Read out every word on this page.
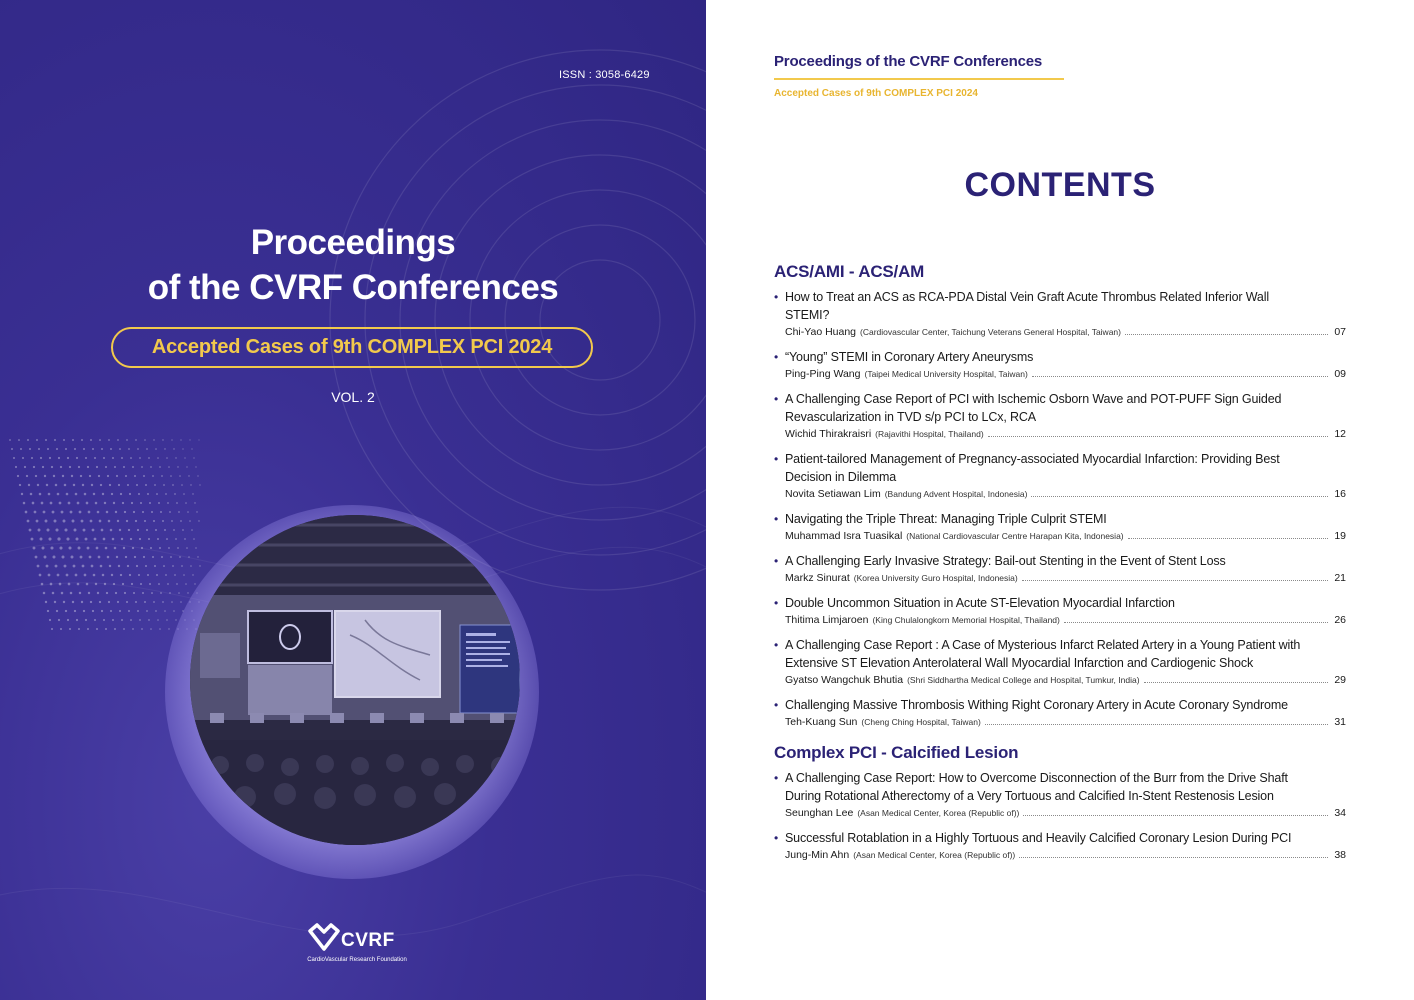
ISSN : 3058-6429
Proceedings
of the CVRF Conferences
Accepted Cases of 9th COMPLEX PCI 2024
VOL. 2
CVRF
CardioVascular Research Foundation
Proceedings of the CVRF Conferences
Accepted Cases of 9th COMPLEX PCI 2024
CONTENTS
ACS/AMI - ACS/AM
• How to Treat an ACS as RCA-PDA Distal Vein Graft Acute Thrombus Related Inferior Wall STEMI?
Chi-Yao Huang (Cardiovascular Center, Taichung Veterans General Hospital, Taiwan)	07
• “Young” STEMI in Coronary Artery Aneurysms
Ping-Ping Wang (Taipei Medical University Hospital, Taiwan)	09
• A Challenging Case Report of PCI with Ischemic Osborn Wave and POT-PUFF Sign Guided Revascularization in TVD s/p PCI to LCx, RCA
Wichid Thirakraisri (Rajavithi Hospital, Thailand)	12
• Patient-tailored Management of Pregnancy-associated Myocardial Infarction: Providing Best Decision in Dilemma
Novita Setiawan Lim (Bandung Advent Hospital, Indonesia)	16
• Navigating the Triple Threat: Managing Triple Culprit STEMI
Muhammad Isra Tuasikal (National Cardiovascular Centre Harapan Kita, Indonesia)	19
• A Challenging Early Invasive Strategy: Bail-out Stenting in the Event of Stent Loss
Markz Sinurat (Korea University Guro Hospital, Indonesia)	21
• Double Uncommon Situation in Acute ST-Elevation Myocardial Infarction
Thitima Limjaroen (King Chulalongkorn Memorial Hospital, Thailand)	26
• A Challenging Case Report : A Case of Mysterious Infarct Related Artery in a Young Patient with Extensive ST Elevation Anterolateral Wall Myocardial Infarction and Cardiogenic Shock
Gyatso Wangchuk Bhutia (Shri Siddhartha Medical College and Hospital, Tumkur, India)	29
• Challenging Massive Thrombosis Withing Right Coronary Artery in Acute Coronary Syndrome
Teh-Kuang Sun (Cheng Ching Hospital, Taiwan)	31
Complex PCI - Calcified Lesion
• A Challenging Case Report: How to Overcome Disconnection of the Burr from the Drive Shaft During Rotational Atherectomy of a Very Tortuous and Calcified In-Stent Restenosis Lesion
Seunghan Lee (Asan Medical Center, Korea (Republic of))	34
• Successful Rotablation in a Highly Tortuous and Heavily Calcified Coronary Lesion During PCI
Jung-Min Ahn (Asan Medical Center, Korea (Republic of))	38
